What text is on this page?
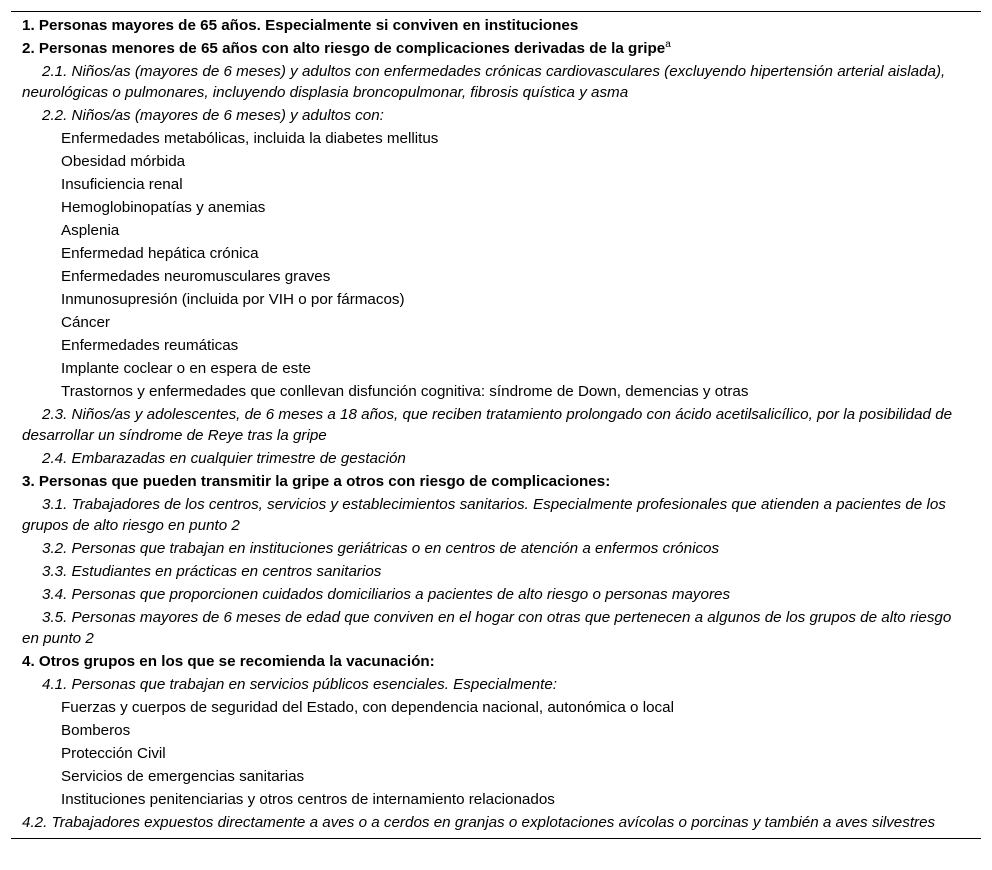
1. Personas mayores de 65 años. Especialmente si conviven en instituciones
2. Personas menores de 65 años con alto riesgo de complicaciones derivadas de la gripe$^a$
2.1. Niños/as (mayores de 6 meses) y adultos con enfermedades crónicas cardiovasculares (excluyendo hipertensión arterial aislada), neurológicas o pulmonares, incluyendo displasia broncopulmonar, fibrosis quística y asma
2.2. Niños/as (mayores de 6 meses) y adultos con:
Enfermedades metabólicas, incluida la diabetes mellitus
Obesidad mórbida
Insuficiencia renal
Hemoglobinopatías y anemias
Asplenia
Enfermedad hepática crónica
Enfermedades neuromusculares graves
Inmunosupresión (incluida por VIH o por fármacos)
Cáncer
Enfermedades reumáticas
Implante coclear o en espera de este
Trastornos y enfermedades que conllevan disfunción cognitiva: síndrome de Down, demencias y otras
2.3. Niños/as y adolescentes, de 6 meses a 18 años, que reciben tratamiento prolongado con ácido acetilsalicílico, por la posibilidad de desarrollar un síndrome de Reye tras la gripe
2.4. Embarazadas en cualquier trimestre de gestación
3. Personas que pueden transmitir la gripe a otros con riesgo de complicaciones:
3.1. Trabajadores de los centros, servicios y establecimientos sanitarios. Especialmente profesionales que atienden a pacientes de los grupos de alto riesgo en punto 2
3.2. Personas que trabajan en instituciones geriátricas o en centros de atención a enfermos crónicos
3.3. Estudiantes en prácticas en centros sanitarios
3.4. Personas que proporcionen cuidados domiciliarios a pacientes de alto riesgo o personas mayores
3.5. Personas mayores de 6 meses de edad que conviven en el hogar con otras que pertenecen a algunos de los grupos de alto riesgo en punto 2
4. Otros grupos en los que se recomienda la vacunación:
4.1. Personas que trabajan en servicios públicos esenciales. Especialmente:
Fuerzas y cuerpos de seguridad del Estado, con dependencia nacional, autonómica o local
Bomberos
Protección Civil
Servicios de emergencias sanitarias
Instituciones penitenciarias y otros centros de internamiento relacionados
4.2. Trabajadores expuestos directamente a aves o a cerdos en granjas o explotaciones avícolas o porcinas y también a aves silvestres
